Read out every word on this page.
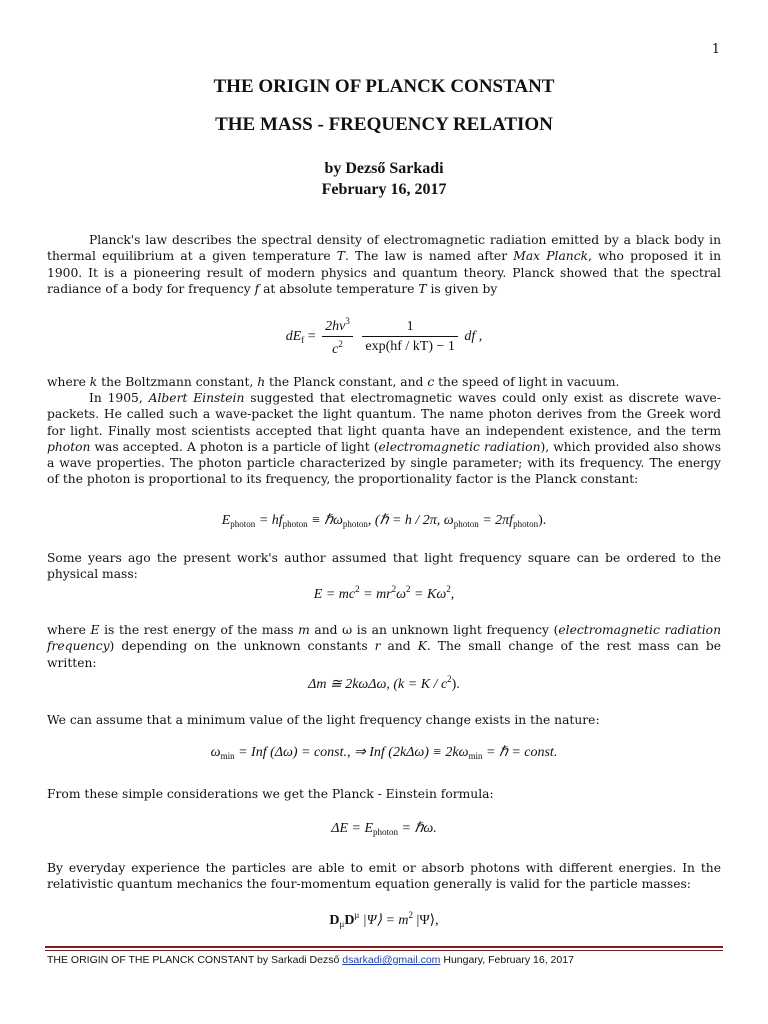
1
THE ORIGIN OF PLANCK CONSTANT
THE MASS - FREQUENCY RELATION
by Dezső Sarkadi
February 16, 2017

Planck's law describes the spectral density of electromagnetic radiation emitted by a black body in thermal equilibrium at a given temperature T. The law is named after Max Planck, who proposed it in 1900. It is a pioneering result of modern physics and quantum theory. Planck showed that the spectral radiance of a body for frequency f at absolute temperature T is given by

$dE_f = \frac{2h\nu^3}{c^2}$
$\frac{1}{\exp(hf / kT) - 1}$ df ,

where k the Boltzmann constant, h the Planck constant, and c the speed of light in vacuum.

In 1905, Albert Einstein suggested that electromagnetic waves could only exist as discrete wave-packets. He called such a wave-packet the light quantum. The name photon derives from the Greek word for light. Finally most scientists accepted that light quanta have an independent existence, and the term photon was accepted. A photon is a particle of light (electromagnetic radiation), which provided also shows a wave properties. The photon particle characterized by single parameter; with its frequency. The energy of the photon is proportional to its frequency, the proportionality factor is the Planck constant:

$E_{photon} = hf_{photon}$ ≡ ℏω$_{photon}$, (ℏ = h / 2π, $\omega_{photon} = 2\pi f_{photon}$).

Some years ago the present work's author assumed that light frequency square can be ordered to the physical mass:

$E = mc^2 = mr^2\omega^2 = K\omega^2$,

where E is the rest energy of the mass m and ω is an unknown light frequency (electromagnetic radiation frequency) depending on the unknown constants r and K. The small change of the rest mass can be written:

Δm ≅ 2kωΔω, $(k = K / c^2)$.

We can assume that a minimum value of the light frequency change exists in the nature:

$\omega_{min}$ = Inf (Δω) = const., ⇒ Inf $(2k\Delta\omega) \equiv 2k\omega_{min}$ = ℏ = const.

From these simple considerations we get the Planck - Einstein formula:

$\Delta E = E_{photon}$ = ℏω.

By everyday experience the particles are able to emit or absorb photons with different energies. In the relativistic quantum mechanics the four-momentum equation generally is valid for the particle masses:

$D_\mu D^\mu$ |Ψ⟩ = $m^2$ |Ψ⟩,
THE ORIGIN OF THE PLANCK CONSTANT by Sarkadi Dezső dsarkadi@gmail.com Hungary, February 16, 2017
